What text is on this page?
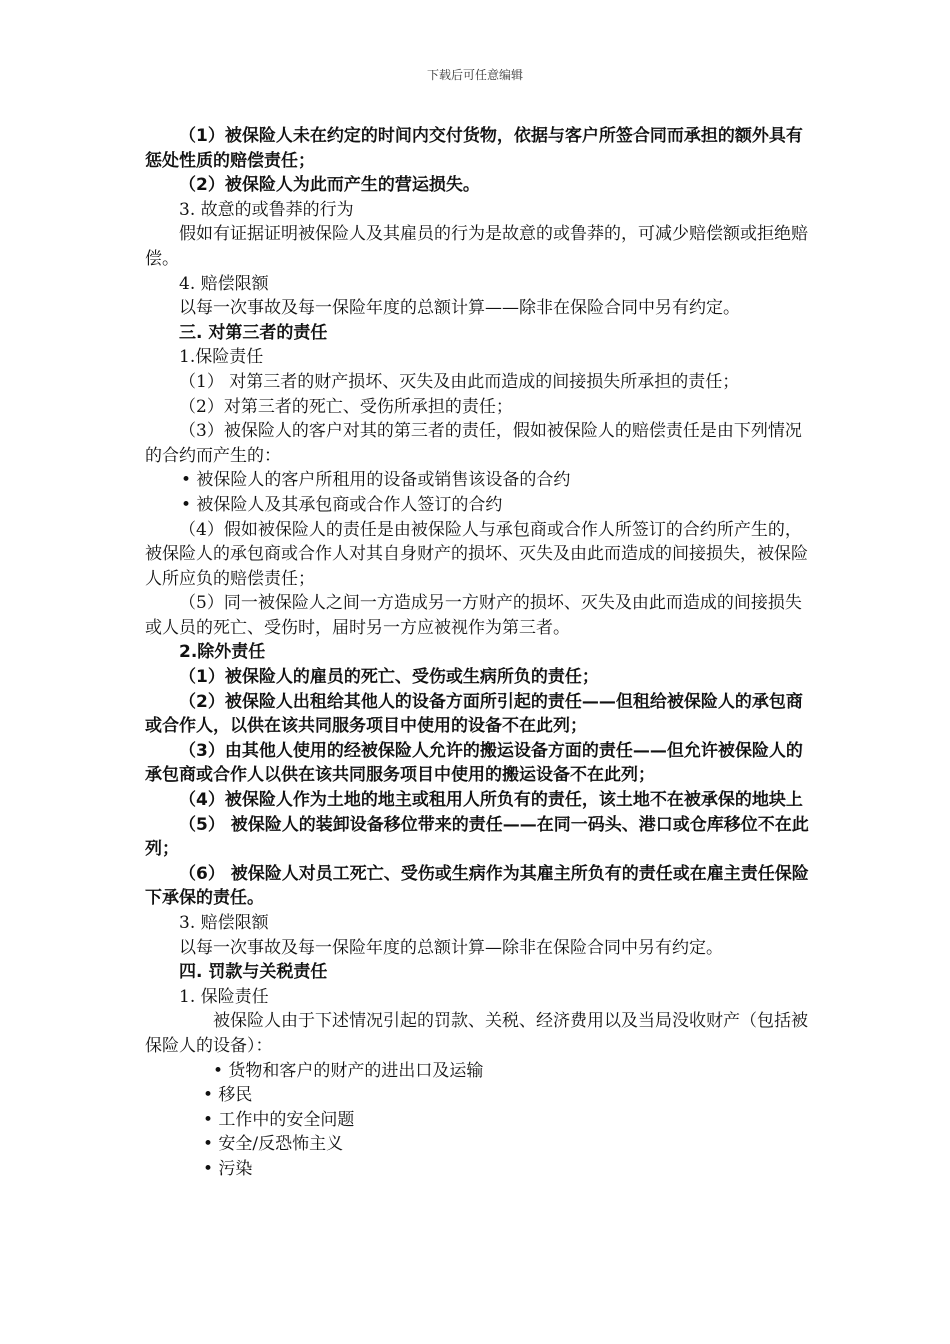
下载后可任意编辑

（1）被保险人未在约定的时间内交付货物，依据与客户所签合同而承担的额外具有惩处性质的赔偿责任；

（2）被保险人为此而产生的营运损失。

3. 故意的或鲁莽的行为

假如有证据证明被保险人及其雇员的行为是故意的或鲁莽的，可减少赔偿额或拒绝赔偿。

4. 赔偿限额

以每一次事故及每一保险年度的总额计算——除非在保险合同中另有约定。

三. 对第三者的责任

1.保险责任

（1） 对第三者的财产损坏、灭失及由此而造成的间接损失所承担的责任；

（2）对第三者的死亡、受伤所承担的责任；

（3）被保险人的客户对其的第三者的责任，假如被保险人的赔偿责任是由下列情况的合约而产生的：

• 被保险人的客户所租用的设备或销售该设备的合约

• 被保险人及其承包商或合作人签订的合约

（4）假如被保险人的责任是由被保险人与承包商或合作人所签订的合约所产生的，被保险人的承包商或合作人对其自身财产的损坏、灭失及由此而造成的间接损失，被保险人所应负的赔偿责任；

（5）同一被保险人之间一方造成另一方财产的损坏、灭失及由此而造成的间接损失或人员的死亡、受伤时，届时另一方应被视作为第三者。

2.除外责任

（1）被保险人的雇员的死亡、受伤或生病所负的责任；

（2）被保险人出租给其他人的设备方面所引起的责任——但租给被保险人的承包商或合作人，以供在该共同服务项目中使用的设备不在此列；

（3）由其他人使用的经被保险人允许的搬运设备方面的责任——但允许被保险人的承包商或合作人以供在该共同服务项目中使用的搬运设备不在此列；

（4）被保险人作为土地的地主或租用人所负有的责任，该土地不在被承保的地块上

（5） 被保险人的装卸设备移位带来的责任——在同一码头、港口或仓库移位不在此列；

（6） 被保险人对员工死亡、受伤或生病作为其雇主所负有的责任或在雇主责任保险下承保的责任。

3. 赔偿限额

以每一次事故及每一保险年度的总额计算—除非在保险合同中另有约定。

四. 罚款与关税责任

1. 保险责任

被保险人由于下述情况引起的罚款、关税、经济费用以及当局没收财产（包括被保险人的设备）：

• 货物和客户的财产的进出口及运输

• 移民

• 工作中的安全问题

• 安全/反恐怖主义

• 污染
